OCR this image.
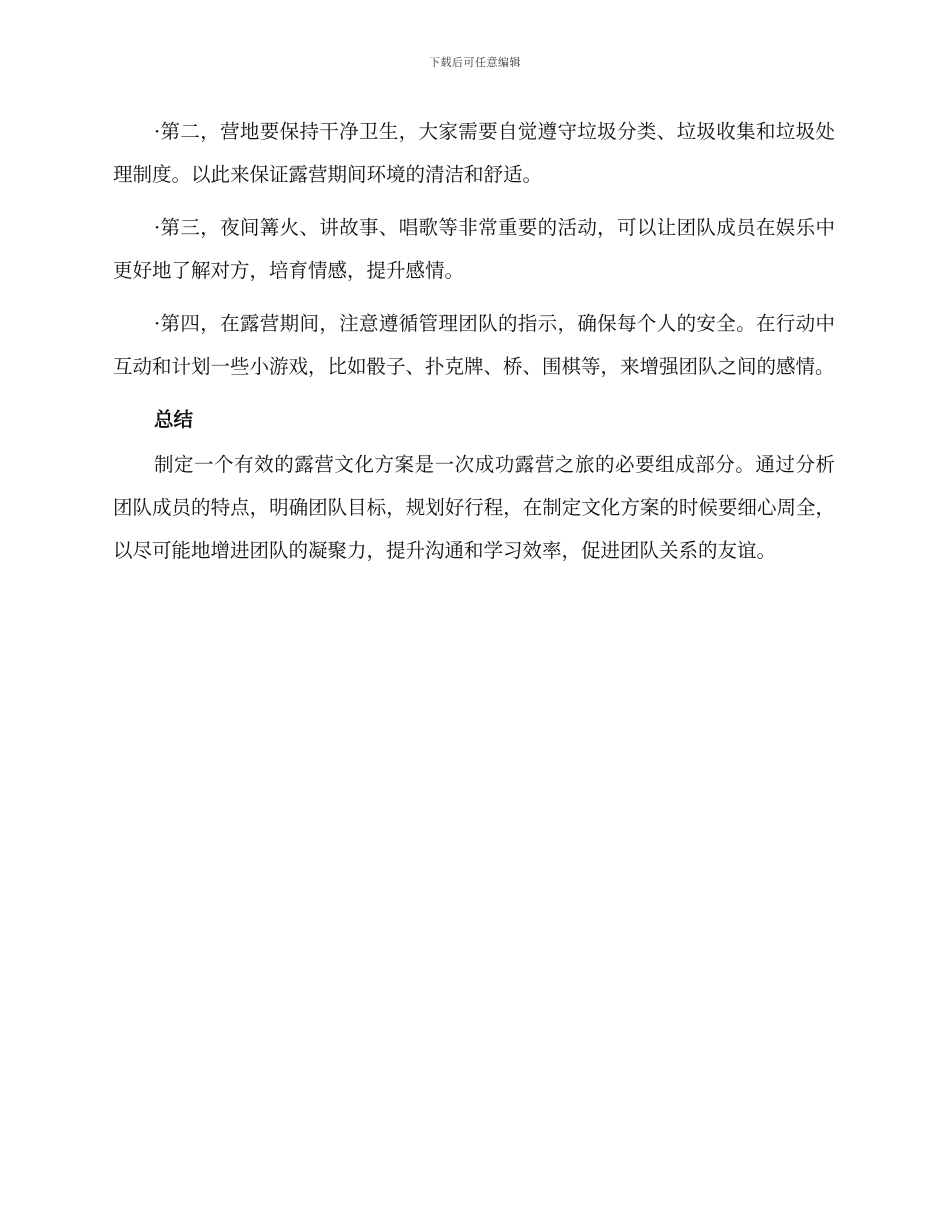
下载后可任意编辑

·第二，营地要保持干净卫生，大家需要自觉遵守垃圾分类、垃圾收集和垃圾处理制度。以此来保证露营期间环境的清洁和舒适。

·第三，夜间篝火、讲故事、唱歌等非常重要的活动，可以让团队成员在娱乐中更好地了解对方，培育情感，提升感情。

·第四，在露营期间，注意遵循管理团队的指示，确保每个人的安全。在行动中互动和计划一些小游戏，比如骰子、扑克牌、桥、围棋等，来增强团队之间的感情。

总结

制定一个有效的露营文化方案是一次成功露营之旅的必要组成部分。通过分析团队成员的特点，明确团队目标，规划好行程，在制定文化方案的时候要细心周全，以尽可能地增进团队的凝聚力，提升沟通和学习效率，促进团队关系的友谊。
